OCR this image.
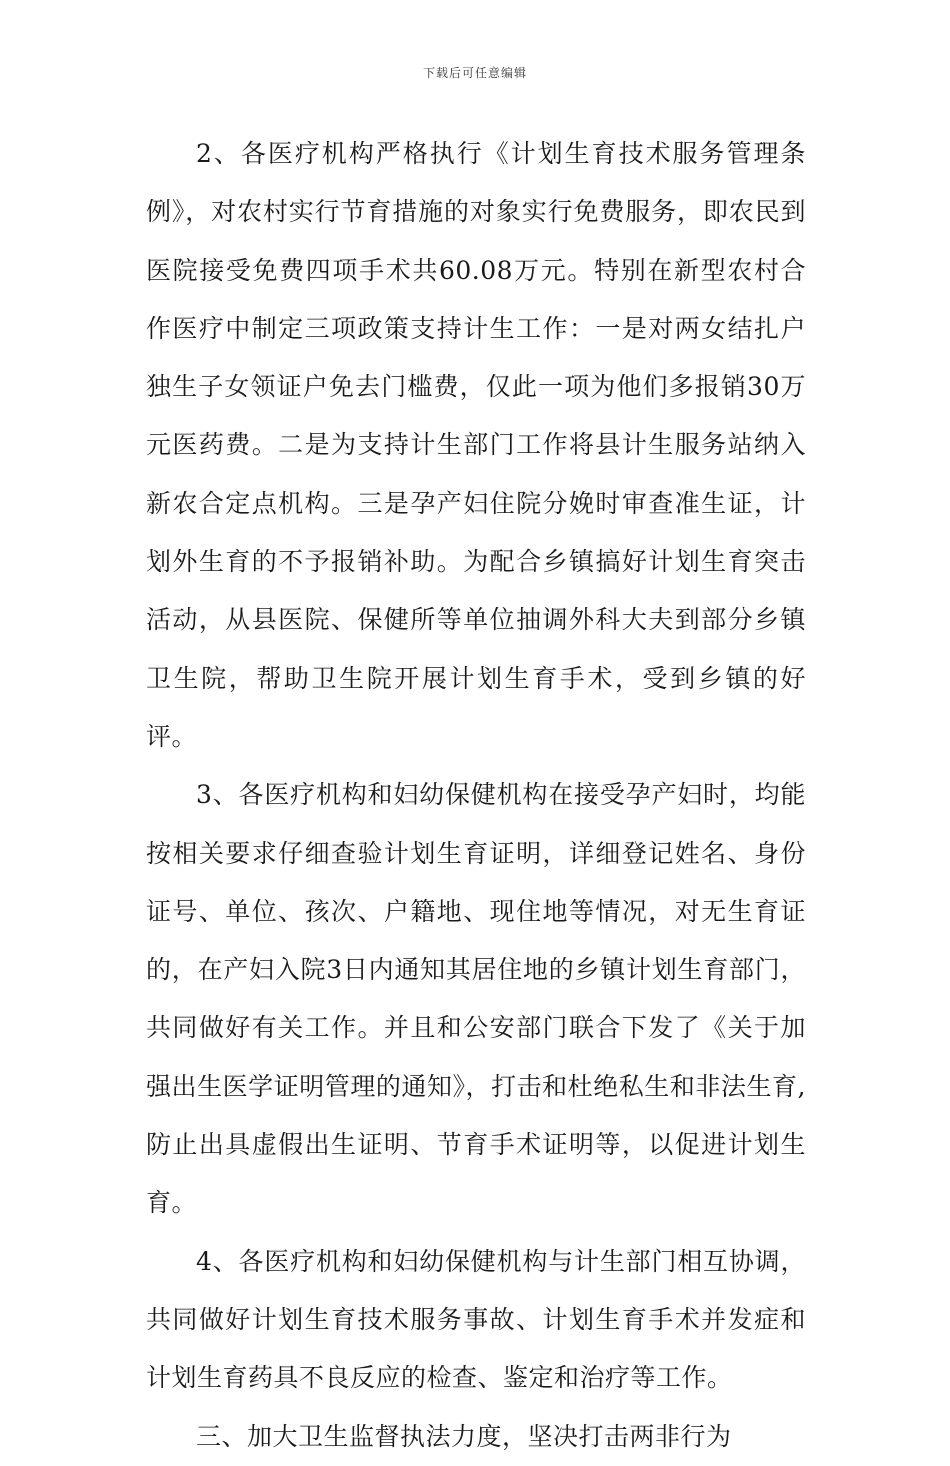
下载后可任意编辑

2、各医疗机构严格执行《计划生育技术服务管理条例》，对农村实行节育措施的对象实行免费服务，即农民到医院接受免费四项手术共60.08万元。特别在新型农村合作医疗中制定三项政策支持计生工作：一是对两女结扎户独生子女领证户免去门槛费，仅此一项为他们多报销30万元医药费。二是为支持计生部门工作将县计生服务站纳入新农合定点机构。三是孕产妇住院分娩时审查准生证，计划外生育的不予报销补助。为配合乡镇搞好计划生育突击活动，从县医院、保健所等单位抽调外科大夫到部分乡镇卫生院，帮助卫生院开展计划生育手术，受到乡镇的好评。

3、各医疗机构和妇幼保健机构在接受孕产妇时，均能按相关要求仔细查验计划生育证明，详细登记姓名、身份证号、单位、孩次、户籍地、现住地等情况，对无生育证的，在产妇入院3日内通知其居住地的乡镇计划生育部门，共同做好有关工作。并且和公安部门联合下发了《关于加强出生医学证明管理的通知》，打击和杜绝私生和非法生育,防止出具虚假出生证明、节育手术证明等，以促进计划生育。

4、各医疗机构和妇幼保健机构与计生部门相互协调，共同做好计划生育技术服务事故、计划生育手术并发症和计划生育药具不良反应的检查、鉴定和治疗等工作。

三、加大卫生监督执法力度，坚决打击两非行为
